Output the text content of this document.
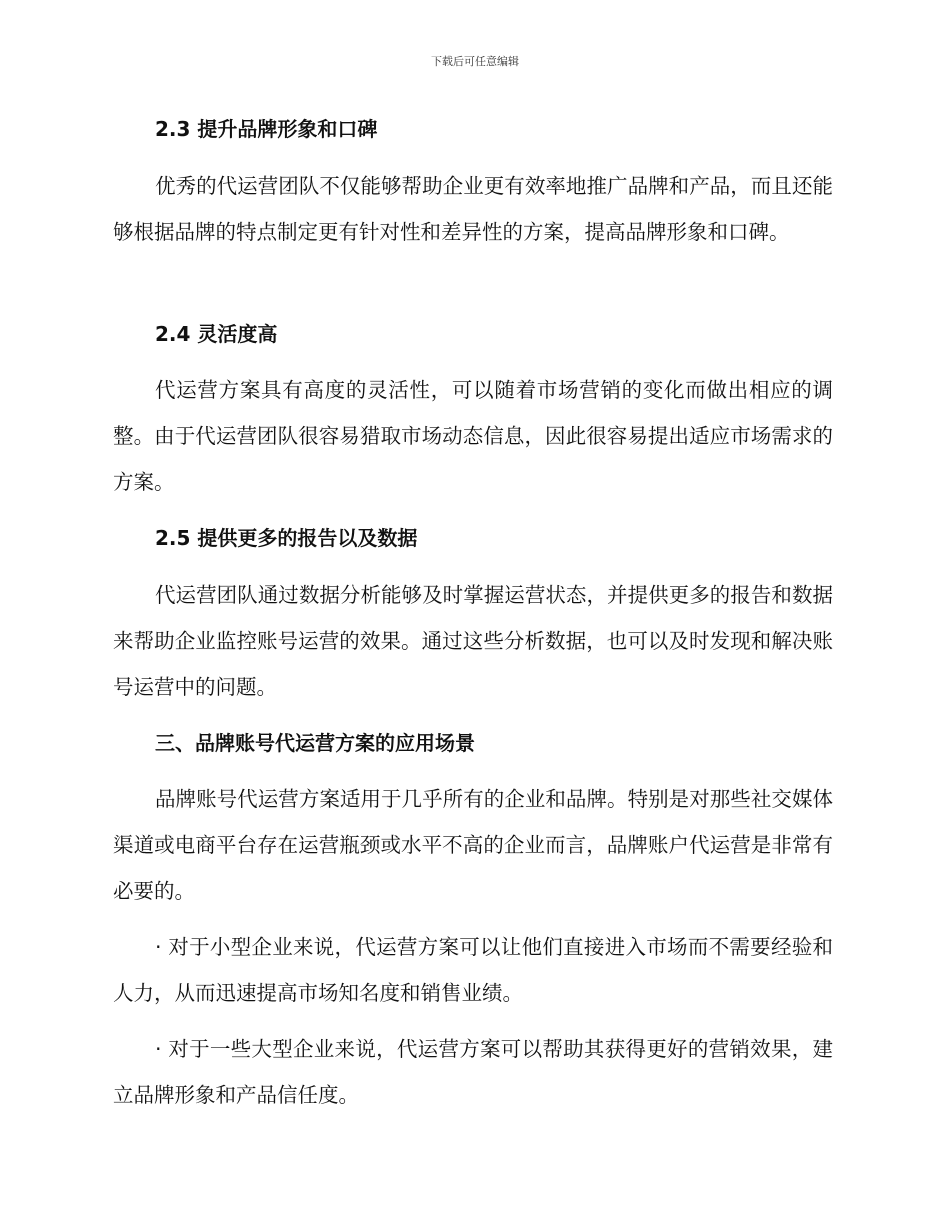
下载后可任意编辑
2.3 提升品牌形象和口碑

优秀的代运营团队不仅能够帮助企业更有效率地推广品牌和产品，而且还能够根据品牌的特点制定更有针对性和差异性的方案，提高品牌形象和口碑。

2.4 灵活度高

代运营方案具有高度的灵活性，可以随着市场营销的变化而做出相应的调整。由于代运营团队很容易猎取市场动态信息，因此很容易提出适应市场需求的方案。

2.5 提供更多的报告以及数据

代运营团队通过数据分析能够及时掌握运营状态，并提供更多的报告和数据来帮助企业监控账号运营的效果。通过这些分析数据，也可以及时发现和解决账号运营中的问题。

三、品牌账号代运营方案的应用场景

品牌账号代运营方案适用于几乎所有的企业和品牌。特别是对那些社交媒体渠道或电商平台存在运营瓶颈或水平不高的企业而言，品牌账户代运营是非常有必要的。

· 对于小型企业来说，代运营方案可以让他们直接进入市场而不需要经验和人力，从而迅速提高市场知名度和销售业绩。

· 对于一些大型企业来说，代运营方案可以帮助其获得更好的营销效果，建立品牌形象和产品信任度。
